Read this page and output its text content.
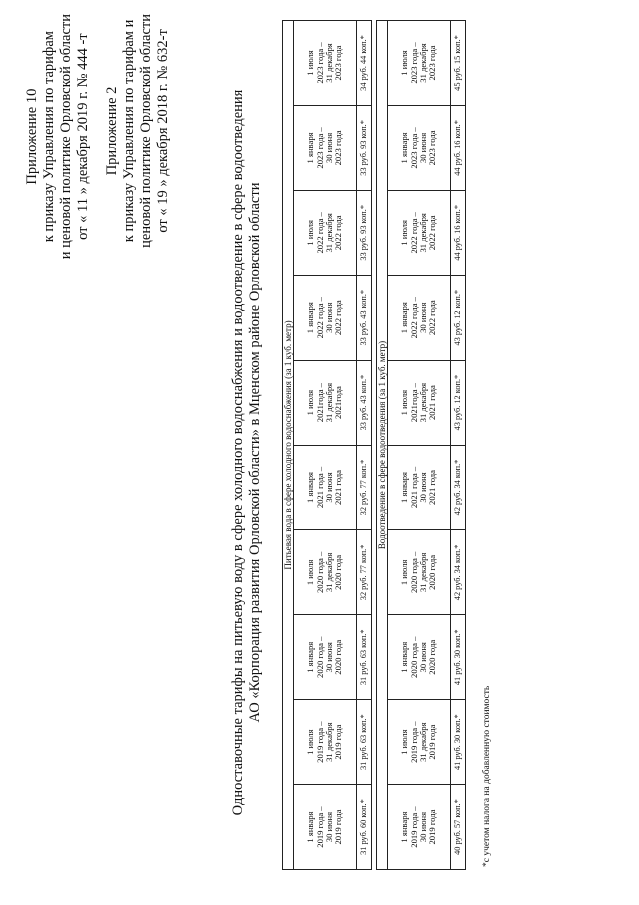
Приложение 10 к приказу Управления по тарифам и ценовой политике Орловской области от « 11 » декабря 2019 г. № 444 -т Приложение 2 к приказу Управления по тарифам и ценовой политике Орловской области от « 19 » декабря 2018 г. № 632-т	Одноставочные тарифы на питьевую воду в сфере холодного водоснабжения и водоотведение в сфере водоотведения АО «Корпорация развития Орловской области» в Мценском районе Орловской области Питьевая вода в сфере холодного водоснабжения (за 1 куб. метр)									

1 января 2019 года – 30 июня 2019 года	1 июля 2019 года – 31 декабря 2019 года	1 января 2020 года – 30 июня 2020 года	1 июля 2020 года – 31 декабря 2020 года	1 января 2021 года – 30 июня 2021 года	1 июля 2021года – 31 декабря 2021года	1 января 2022 года – 30 июня 2022 года	1 июля 2022 года – 31 декабря 2022 года	1 января 2023 года – 30 июня 2023 года	1 июля 2023 года – 31 декабря 2023 года

31 руб. 60 коп.*	31 руб. 63 коп.*	31 руб. 63 коп.*	32 руб. 77 коп.*	32 руб. 77 коп.*	33 руб. 43 коп.*	33 руб. 43 коп.*	33 руб. 93 коп.*	33 руб. 93 коп.*	34 руб. 44 коп.*

Водоотведение в сфере водоотведения (за 1 куб. метр)									

1 января 2019 года – 30 июня 2019 года	1 июля 2019 года – 31 декабря 2019 года	1 января 2020 года – 30 июня 2020 года	1 июля 2020 года – 31 декабря 2020 года	1 января 2021 года – 30 июня 2021 года	1 июля 2021года – 31 декабря 2021 года	1 января 2022 года – 30 июня 2022 года	1 июля 2022 года – 31 декабря 2022 года	1 января 2023 года – 30 июня 2023 года	1 июля 2023 года – 31 декабря 2023 года

40 руб. 57 коп.*	41 руб. 30 коп.*	41 руб. 30 коп.*	42 руб. 34 коп.*	42 руб. 34 коп.*	43 руб. 12 коп.*	43 руб. 12 коп.*	44 руб. 16 коп.*	44 руб. 16 коп.*	45 руб. 15 коп.*
*с учетом налога на добавленную стоимость
